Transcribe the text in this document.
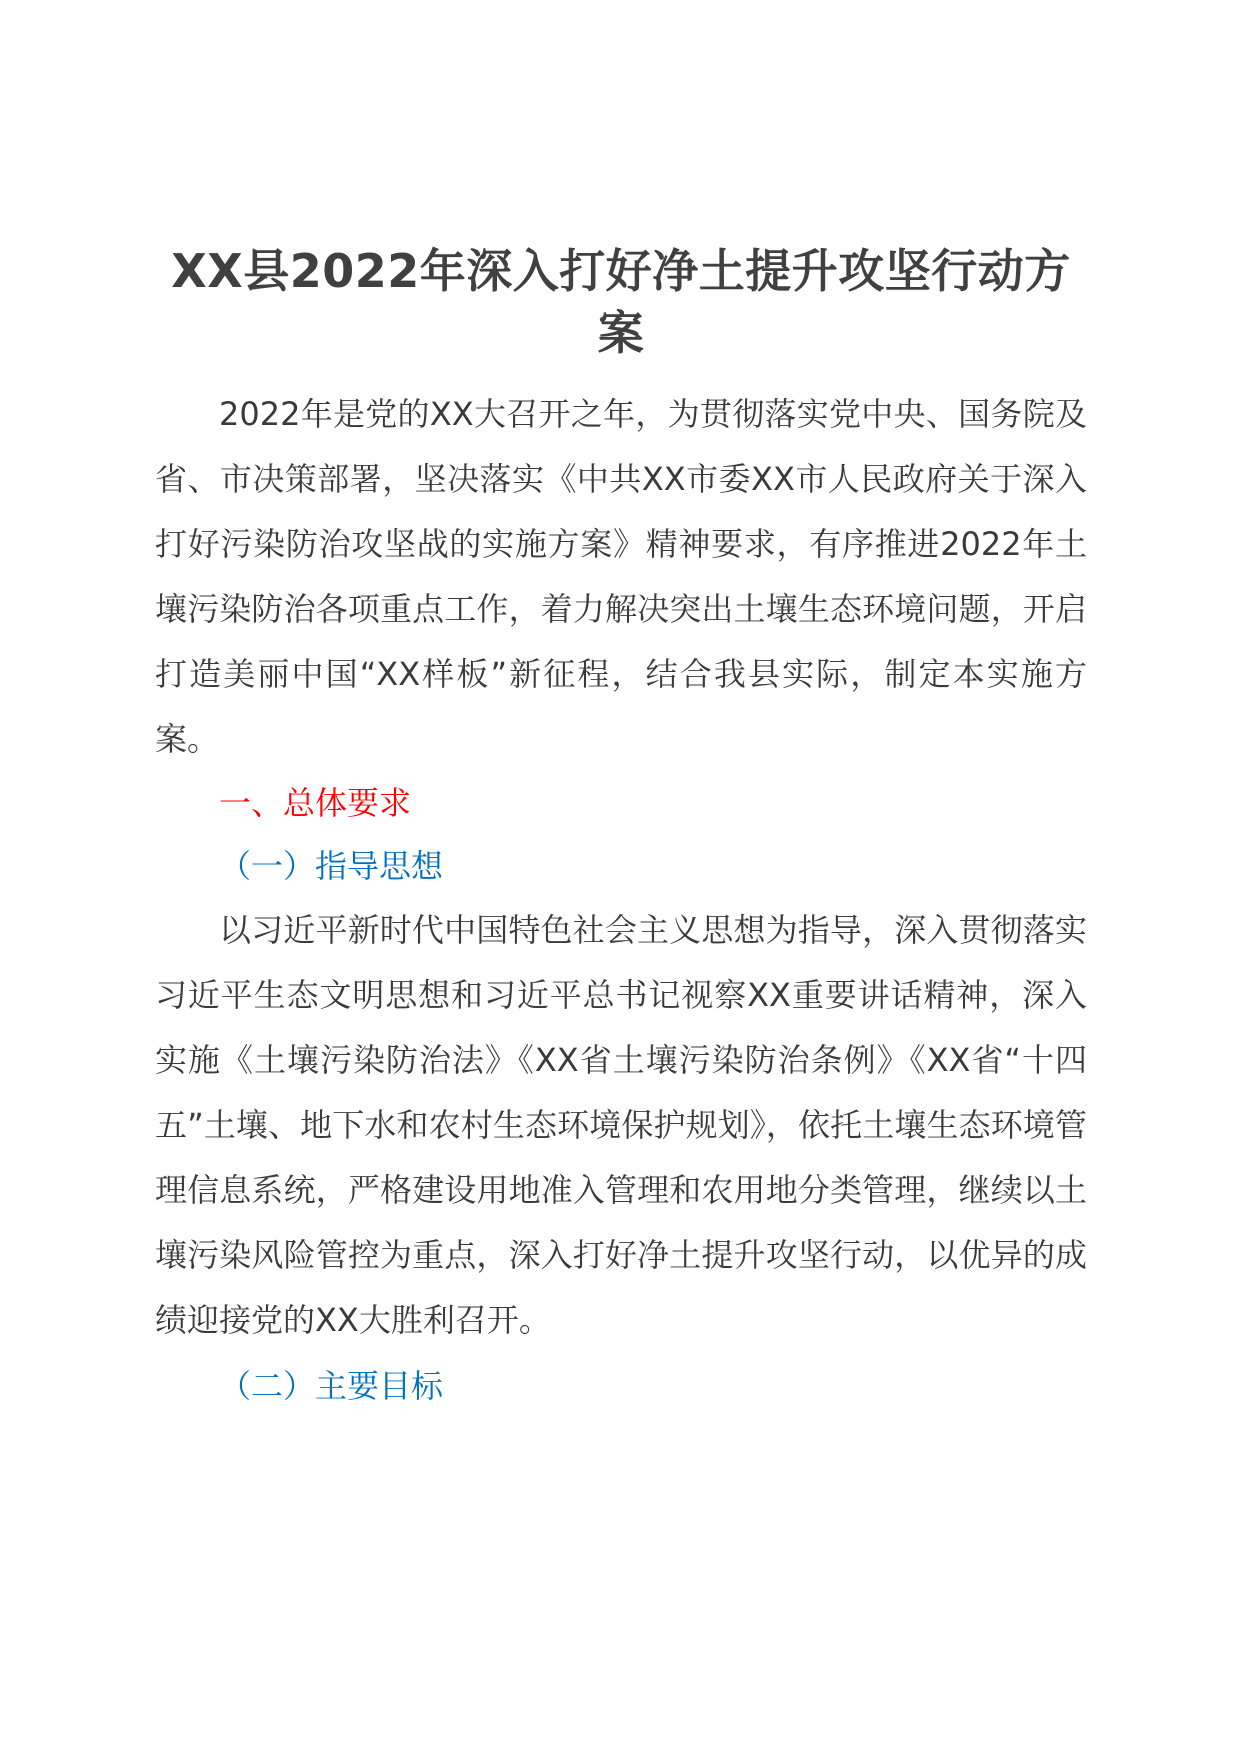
XX县2022年深入打好净土提升攻坚行动方案

2022年是党的XX大召开之年，为贯彻落实党中央、国务院及省、市决策部署，坚决落实《中共XX市委XX市人民政府关于深入打好污染防治攻坚战的实施方案》精神要求，有序推进2022年土壤污染防治各项重点工作，着力解决突出土壤生态环境问题，开启打造美丽中国“XX样板”新征程，结合我县实际，制定本实施方案。

一、总体要求

（一）指导思想

以习近平新时代中国特色社会主义思想为指导，深入贯彻落实习近平生态文明思想和习近平总书记视察XX重要讲话精神，深入实施《土壤污染防治法》《XX省土壤污染防治条例》《XX省“十四五”土壤、地下水和农村生态环境保护规划》，依托土壤生态环境管理信息系统，严格建设用地准入管理和农用地分类管理，继续以土壤污染风险管控为重点，深入打好净土提升攻坚行动，以优异的成绩迎接党的XX大胜利召开。

（二）主要目标
